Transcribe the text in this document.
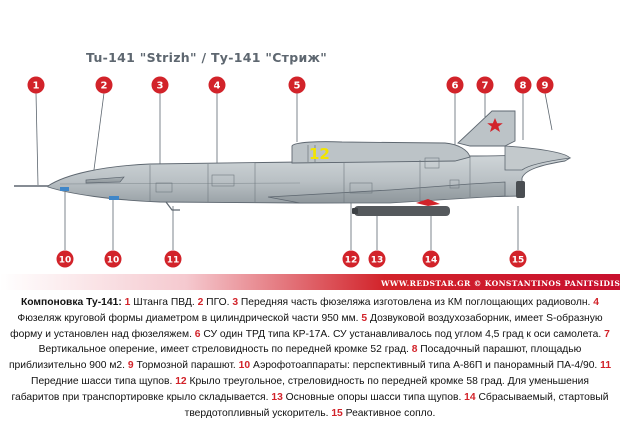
12
1	2	3	4	5	6 7	8 9
10	10	11	12 13	14	15
Tu-141 "Strizh" / Ту-141 "Стриж"
WWW.REDSTAR.GR © KONSTANTINOS PANITSIDIS
Компоновка Ту-141: 1 Штанга ПВД. 2 ПГО. 3 Передняя часть фюзеляжа изготовлена из КМ поглощающих радиоволн. 4 Фюзеляж круговой формы диаметром в цилиндрической части 950 мм. 5 Дозвуковой воздухозаборник, имеет S-образную форму и установлен над фюзеляжем. 6 СУ один ТРД типа КР-17А. СУ устанавливалось под углом 4,5 град к оси самолета. 7 Вертикальное оперение, имеет стреловидность по передней кромке 52 град. 8 Посадочный парашют, площадью приблизительно 900 м2. 9 Тормозной парашют. 10 Аэрофотоаппараты: перспективный типа А-86П и панорамный ПА-4/90. 11 Передние шасси типа щупов. 12 Крыло треугольное, стреловидность по передней кромке 58 град. Для уменьшения габаритов при транспортировке крыло складывается. 13 Основные опоры шасси типа щупов. 14 Сбрасываемый, стартовый твердотопливный ускоритель. 15 Реактивное сопло.
